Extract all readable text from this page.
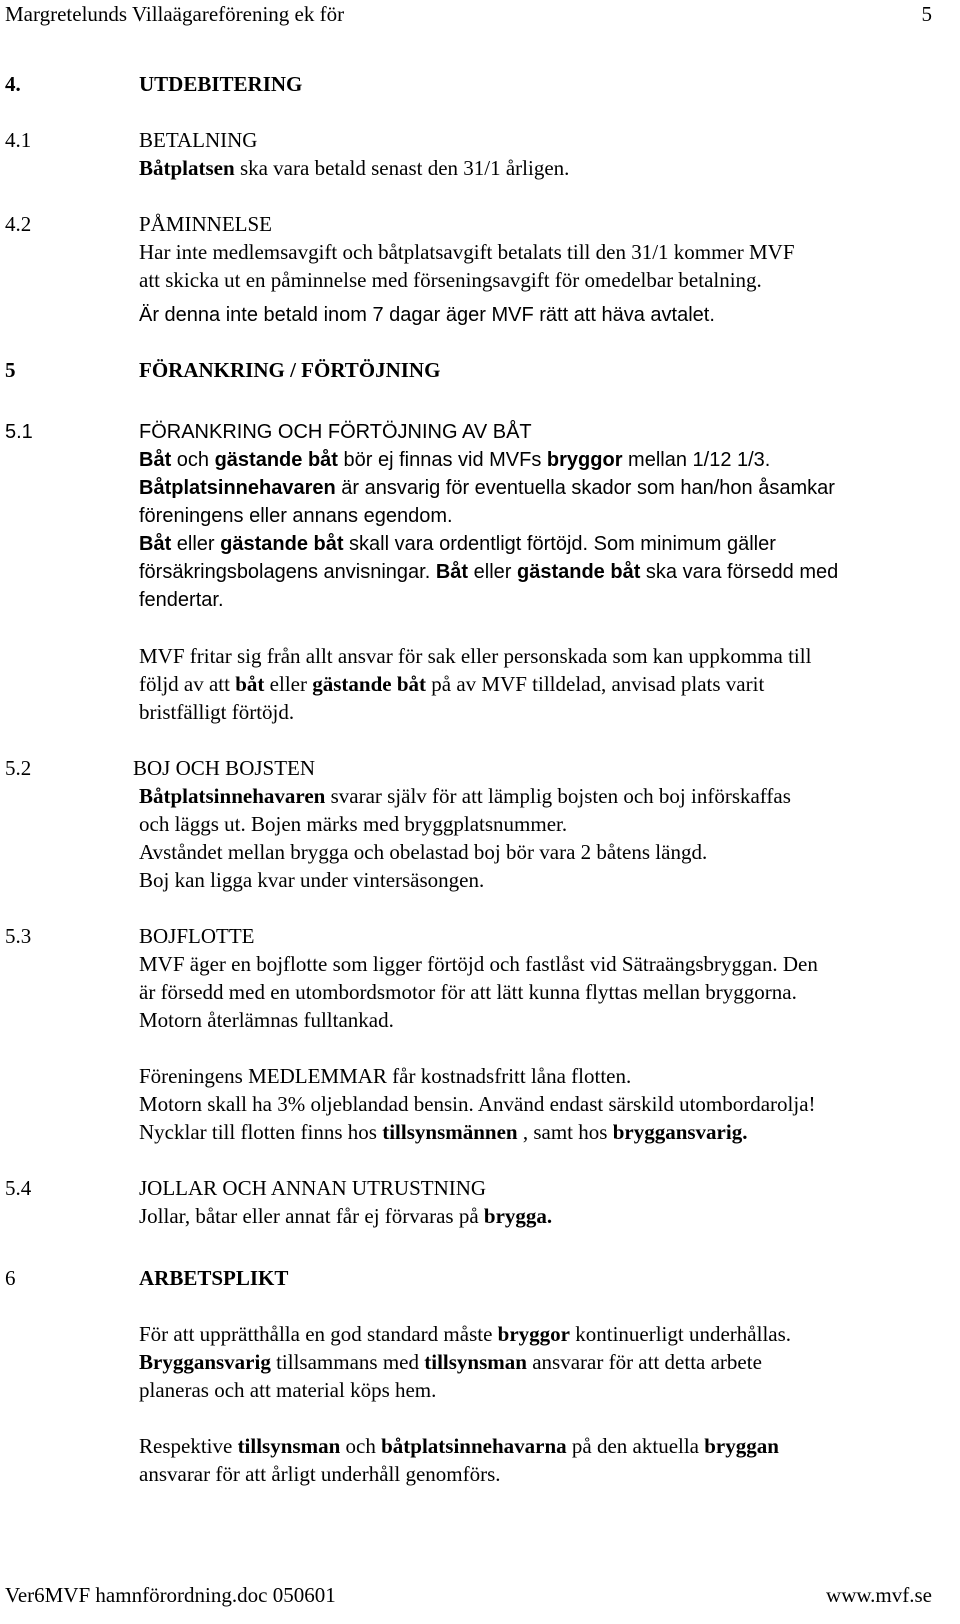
Margretelunds Villaägareförening ek för	5
4.	UTDEBITERING
4.1	BETALNING
Båtplatsen ska vara betald senast den 31/1 årligen.
4.2	PÅMINNELSE
Har inte medlemsavgift och båtplatsavgift betalats till den 31/1 kommer MVF
att skicka ut en påminnelse med förseningsavgift för omedelbar betalning.
Är denna inte betald inom 7 dagar äger MVF rätt att häva avtalet.
5	FÖRANKRING / FÖRTÖJNING
5.1	FÖRANKRING OCH FÖRTÖJNING AV BÅT
Båt och gästande båt bör ej finnas vid MVFs bryggor mellan 1/12 1/3.
Båtplatsinnehavaren är ansvarig för eventuella skador som han/hon åsamkar
föreningens eller annans egendom.
Båt eller gästande båt skall vara ordentligt förtöjd. Som minimum gäller
försäkringsbolagens anvisningar. Båt eller gästande båt ska vara försedd med
fendertar.
MVF fritar sig från allt ansvar för sak eller personskada som kan uppkomma till
följd av att båt eller gästande båt på av MVF tilldelad, anvisad plats varit
bristfälligt förtöjd.
5.2	BOJ OCH BOJSTEN
Båtplatsinnehavaren svarar själv för att lämplig bojsten och boj införskaffas
och läggs ut. Bojen märks med bryggplatsnummer.
Avståndet mellan brygga och obelastad boj bör vara 2 båtens längd.
Boj kan ligga kvar under vintersäsongen.
5.3	BOJFLOTTE
MVF äger en bojflotte som ligger förtöjd och fastlåst vid Sätraängsbryggan. Den
är försedd med en utombordsmotor för att lätt kunna flyttas mellan bryggorna.
Motorn återlämnas fulltankad.
Föreningens MEDLEMMAR får kostnadsfritt låna flotten.
Motorn skall ha 3% oljeblandad bensin. Använd endast särskild utombordarolja!
Nycklar till flotten finns hos tillsynsmännen , samt hos bryggansvarig.
5.4	JOLLAR OCH ANNAN UTRUSTNING
Jollar, båtar eller annat får ej förvaras på brygga.
6	ARBETSPLIKT
För att upprätthålla en god standard måste bryggor kontinuerligt underhållas.
Bryggansvarig tillsammans med tillsynsman ansvarar för att detta arbete
planeras och att material köps hem.
Respektive tillsynsman och båtplatsinnehavarna på den aktuella bryggan
ansvarar för att årligt underhåll genomförs.
Ver6MVF hamnförordning.doc 050601	www.mvf.se
